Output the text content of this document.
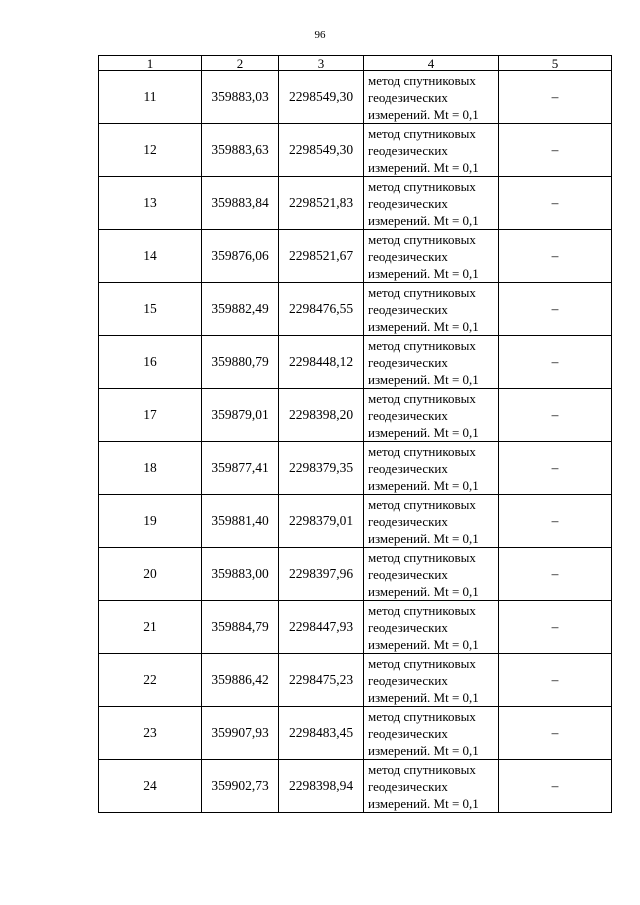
96
1	2	3	4	5
11	359883,03	2298549,30	метод спутниковых
геодезических
измерений. Mt = 0,1	–
12	359883,63	2298549,30	метод спутниковых
геодезических
измерений. Mt = 0,1	–
13	359883,84	2298521,83	метод спутниковых
геодезических
измерений. Mt = 0,1	–
14	359876,06	2298521,67	метод спутниковых
геодезических
измерений. Mt = 0,1	–
15	359882,49	2298476,55	метод спутниковых
геодезических
измерений. Mt = 0,1	–
16	359880,79	2298448,12	метод спутниковых
геодезических
измерений. Mt = 0,1	–
17	359879,01	2298398,20	метод спутниковых
геодезических
измерений. Mt = 0,1	–
18	359877,41	2298379,35	метод спутниковых
геодезических
измерений. Mt = 0,1	–
19	359881,40	2298379,01	метод спутниковых
геодезических
измерений. Mt = 0,1	–
20	359883,00	2298397,96	метод спутниковых
геодезических
измерений. Mt = 0,1	–
21	359884,79	2298447,93	метод спутниковых
геодезических
измерений. Mt = 0,1	–
22	359886,42	2298475,23	метод спутниковых
геодезических
измерений. Mt = 0,1	–
23	359907,93	2298483,45	метод спутниковых
геодезических
измерений. Mt = 0,1	–
24	359902,73	2298398,94	метод спутниковых
геодезических
измерений. Mt = 0,1	–
